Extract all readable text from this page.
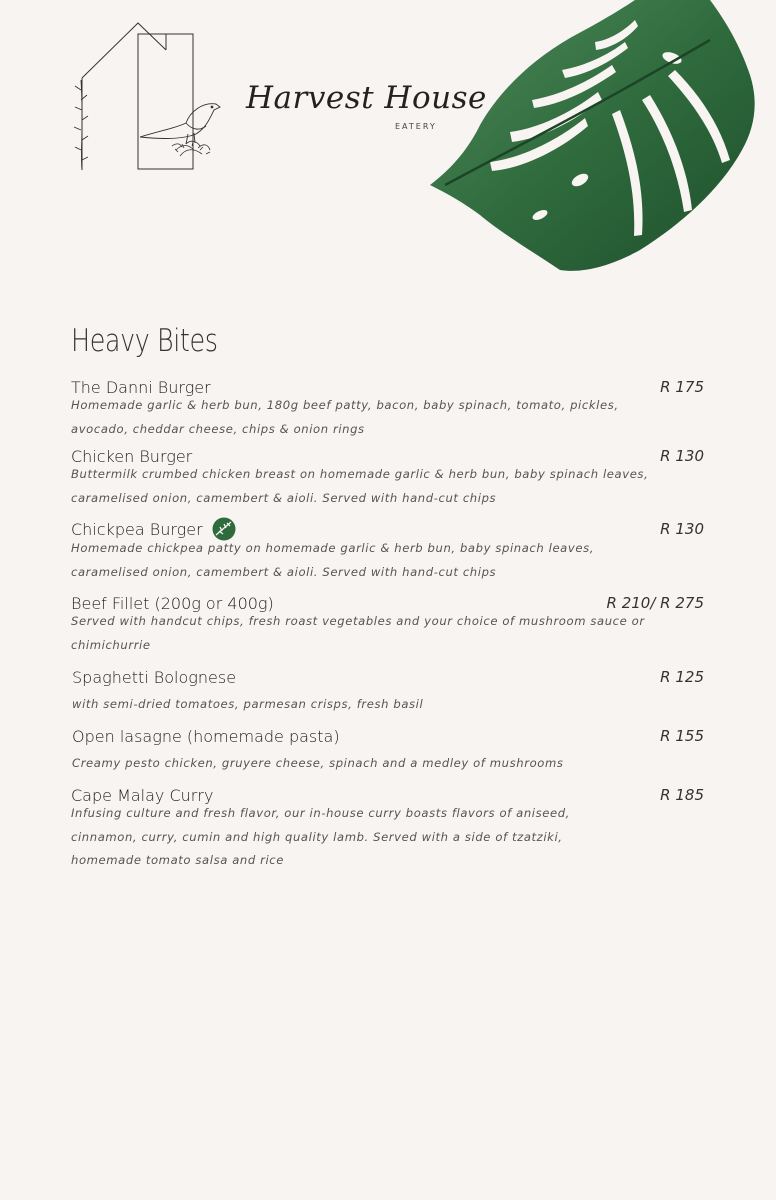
Harvest House
EATERY
Heavy Bites
The Danni Burger	R 175
Homemade garlic & herb bun, 180g beef patty, bacon, baby spinach, tomato, pickles, avocado, cheddar cheese, chips & onion rings
Chicken Burger	R 130
Buttermilk crumbed chicken breast on homemade garlic & herb bun, baby spinach leaves, caramelised onion, camembert & aioli. Served with hand-cut chips
Chickpea Burger	R 130
Homemade chickpea patty on homemade garlic & herb bun, baby spinach leaves, caramelised onion, camembert & aioli. Served with hand-cut chips
Beef Fillet (200g or 400g)	R 210/ R 275
Served with handcut chips, fresh roast vegetables and your choice of mushroom sauce or chimichurrie
Spaghetti Bolognese	R 125
with semi-dried tomatoes, parmesan crisps, fresh basil
Open lasagne (homemade pasta)	R 155
Creamy pesto chicken, gruyere cheese, spinach and a medley of mushrooms
Cape Malay Curry	R 185
Infusing culture and fresh flavor, our in-house curry boasts flavors of aniseed, cinnamon, curry, cumin and high quality lamb. Served with a side of tzatziki, homemade tomato salsa and rice
